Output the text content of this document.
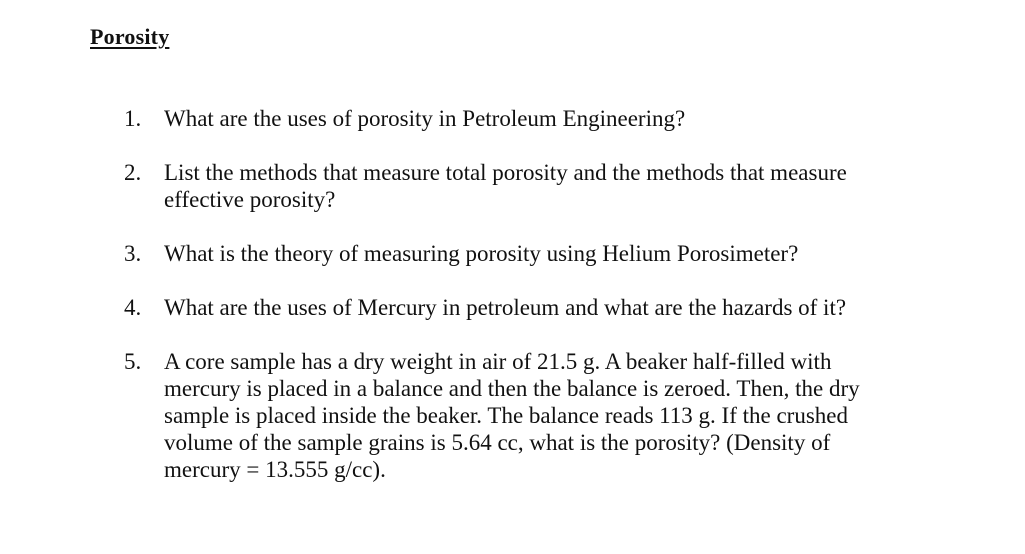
Porosity
1. What are the uses of porosity in Petroleum Engineering?
2. List the methods that measure total porosity and the methods that measure effective porosity?
3. What is the theory of measuring porosity using Helium Porosimeter?
4. What are the uses of Mercury in petroleum and what are the hazards of it?
5. A core sample has a dry weight in air of 21.5 g. A beaker half-filled with mercury is placed in a balance and then the balance is zeroed. Then, the dry sample is placed inside the beaker. The balance reads 113 g. If the crushed volume of the sample grains is 5.64 cc, what is the porosity? (Density of mercury = 13.555 g/cc).
